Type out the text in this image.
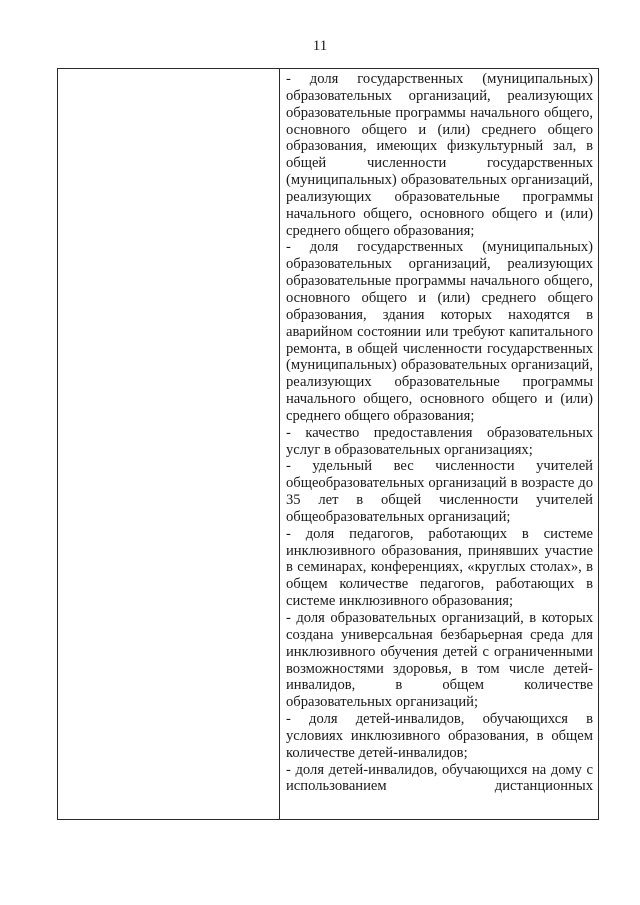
11

- доля государственных (муниципальных) образовательных организаций, реализующих образовательные программы начального общего, основного общего и (или) среднего общего образования, имеющих физкультурный зал, в общей численности государственных (муниципальных) образовательных организаций, реализующих образовательные программы начального общего, основного общего и (или) среднего общего образования;

- доля государственных (муниципальных) образовательных организаций, реализующих образовательные программы начального общего, основного общего и (или) среднего общего образования, здания которых находятся в аварийном состоянии или требуют капитального ремонта, в общей численности государственных (муниципальных) образовательных организаций, реализующих образовательные программы начального общего, основного общего и (или) среднего общего образования;

- качество предоставления образовательных услуг в образовательных организациях;

- удельный вес численности учителей общеобразовательных организаций в возрасте до 35 лет в общей численности учителей общеобразовательных организаций;

- доля педагогов, работающих в системе инклюзивного образования, принявших участие в семинарах, конференциях, «круглых столах», в общем количестве педагогов, работающих в системе инклюзивного образования;

- доля образовательных организаций, в которых создана универсальная безбарьерная среда для инклюзивного обучения детей с ограниченными возможностями здоровья, в том числе детей-инвалидов, в общем количестве образовательных организаций;

- доля детей-инвалидов, обучающихся в условиях инклюзивного образования, в общем количестве детей-инвалидов;

- доля детей-инвалидов, обучающихся на дому с использованием дистанционных
